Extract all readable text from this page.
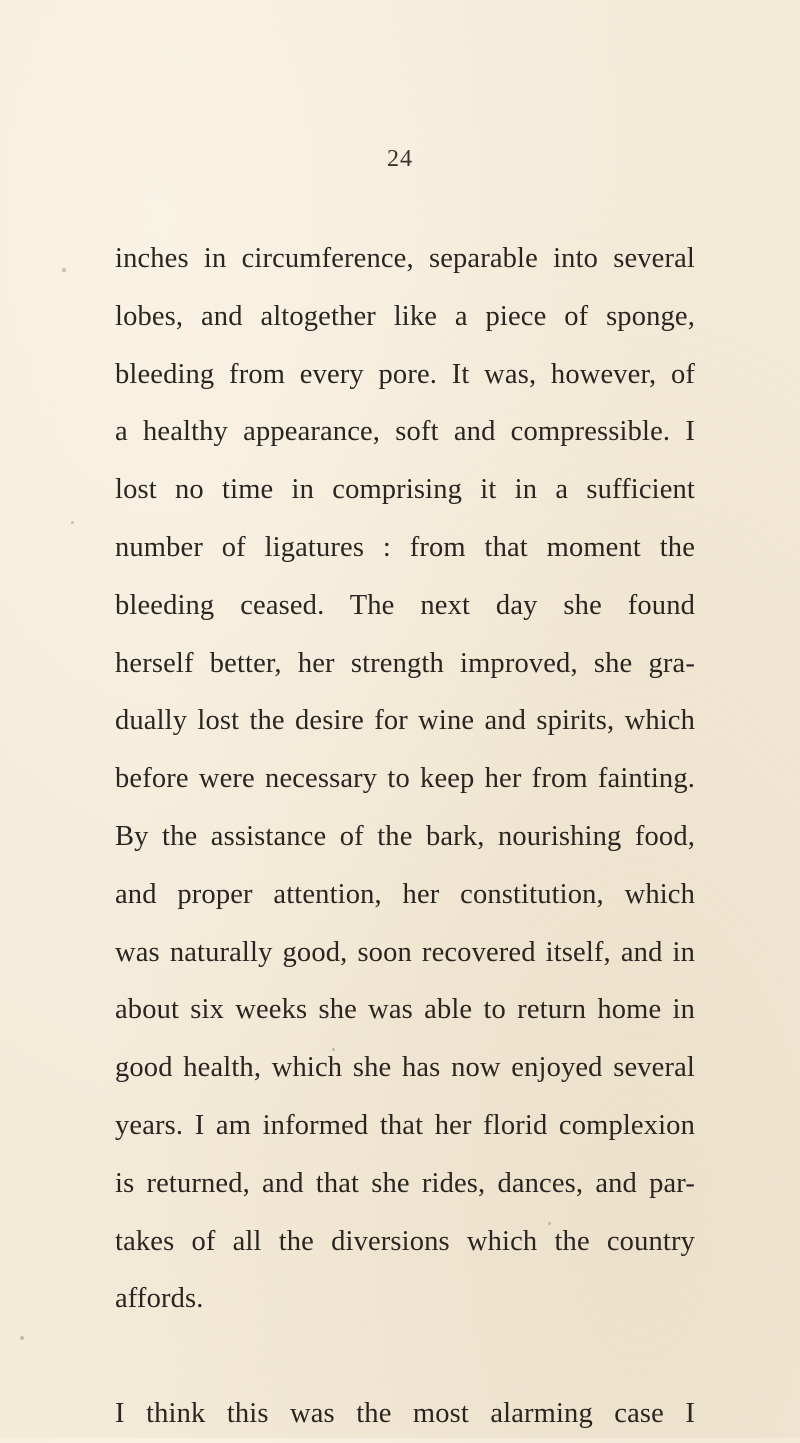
24
inches in circumference, separable into several
lobes, and altogether like a piece of sponge,
bleeding from every pore. It was, however, of
a healthy appearance, soft and compressible. I
lost no time in comprising it in a sufficient
number of ligatures : from that moment the
bleeding ceased. The next day she found
herself better, her strength improved, she gra-
dually lost the desire for wine and spirits, which
before were necessary to keep her from fainting.
By the assistance of the bark, nourishing food,
and proper attention, her constitution, which
was naturally good, soon recovered itself, and in
about six weeks she was able to return home in
good health, which she has now enjoyed several
years. I am informed that her florid complexion
is returned, and that she rides, dances, and par-
takes of all the diversions which the country
affords.
I think this was the most alarming case I
